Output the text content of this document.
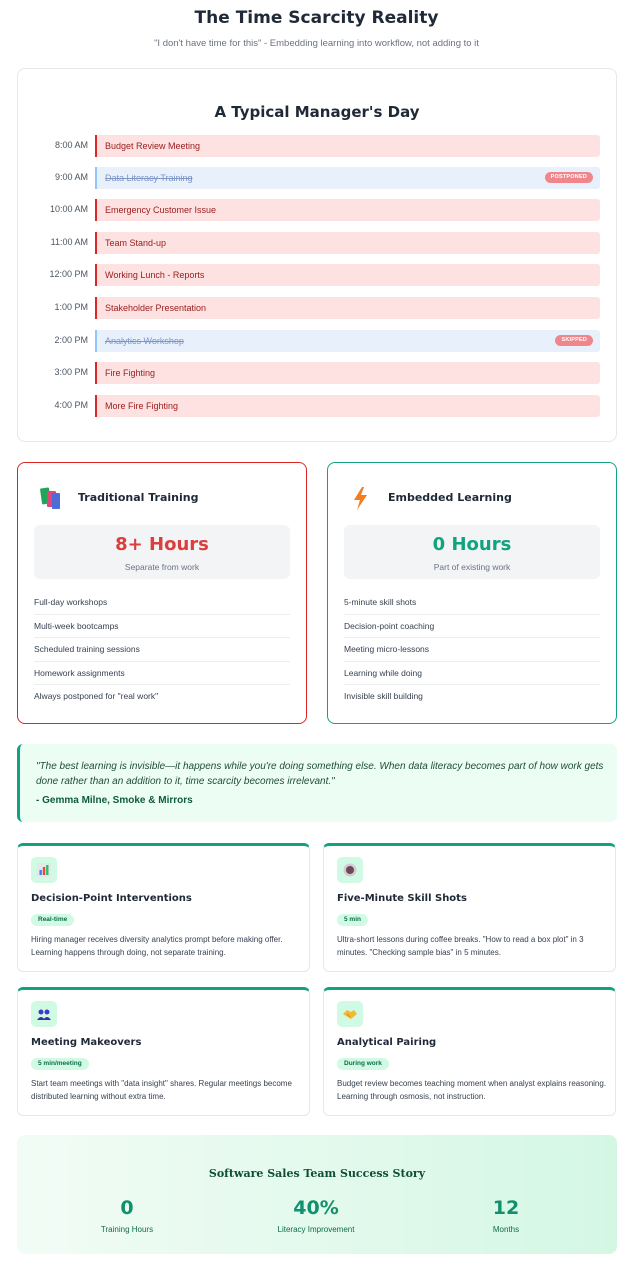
The Time Scarcity Reality
"I don't have time for this" - Embedding learning into workflow, not adding to it
A Typical Manager's Day
8:00 AM Budget Review Meeting
9:00 AM Data Literacy Training	POSTPONED
10:00 AM Emergency Customer Issue
11:00 AM Team Stand-up
12:00 PM Working Lunch - Reports
1:00 PM Stakeholder Presentation
2:00 PM Analytics Workshop	SKIPPED
3:00 PM Fire Fighting
4:00 PM More Fire Fighting
Traditional Training
8+ Hours
Separate from work
Full-day workshops
Multi-week bootcamps
Scheduled training sessions
Homework assignments
Always postponed for "real work"
Embedded Learning
0 Hours
Part of existing work
5-minute skill shots
Decision-point coaching
Meeting micro-lessons
Learning while doing
Invisible skill building
"The best learning is invisible—it happens while you're doing something else. When data literacy becomes part of how work gets done rather than an addition to it, time scarcity becomes irrelevant."
- Gemma Milne, Smoke & Mirrors
Decision-Point Interventions
Real-time
Hiring manager receives diversity analytics prompt before making offer. Learning happens through doing, not separate training.
Five-Minute Skill Shots
5 min
Ultra-short lessons during coffee breaks. "How to read a box plot" in 3 minutes. "Checking sample bias" in 5 minutes.
Meeting Makeovers
5 min/meeting
Start team meetings with "data insight" shares. Regular meetings become distributed learning without extra time.
Analytical Pairing
During work
Budget review becomes teaching moment when analyst explains reasoning. Learning through osmosis, not instruction.
Software Sales Team Success Story
0
Training Hours
40%
Literacy Improvement
12
Months
